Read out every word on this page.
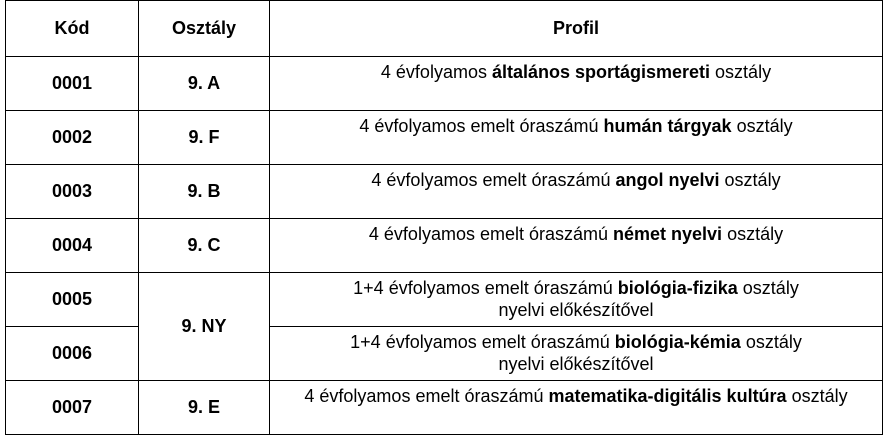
Kód	Osztály	Profil
0001	9. A	4 évfolyamos általános sportágismereti osztály
0002	9. F	4 évfolyamos emelt óraszámú humán tárgyak osztály
0003	9. B	4 évfolyamos emelt óraszámú angol nyelvi osztály
0004	9. C	4 évfolyamos emelt óraszámú német nyelvi osztály
0005	9. NY	1+4 évfolyamos emelt óraszámú biológia-fizika osztály
nyelvi előkészítővel
0006		1+4 évfolyamos emelt óraszámú biológia-kémia osztály
nyelvi előkészítővel
0007	9. E	4 évfolyamos emelt óraszámú matematika-digitális kultúra osztály
